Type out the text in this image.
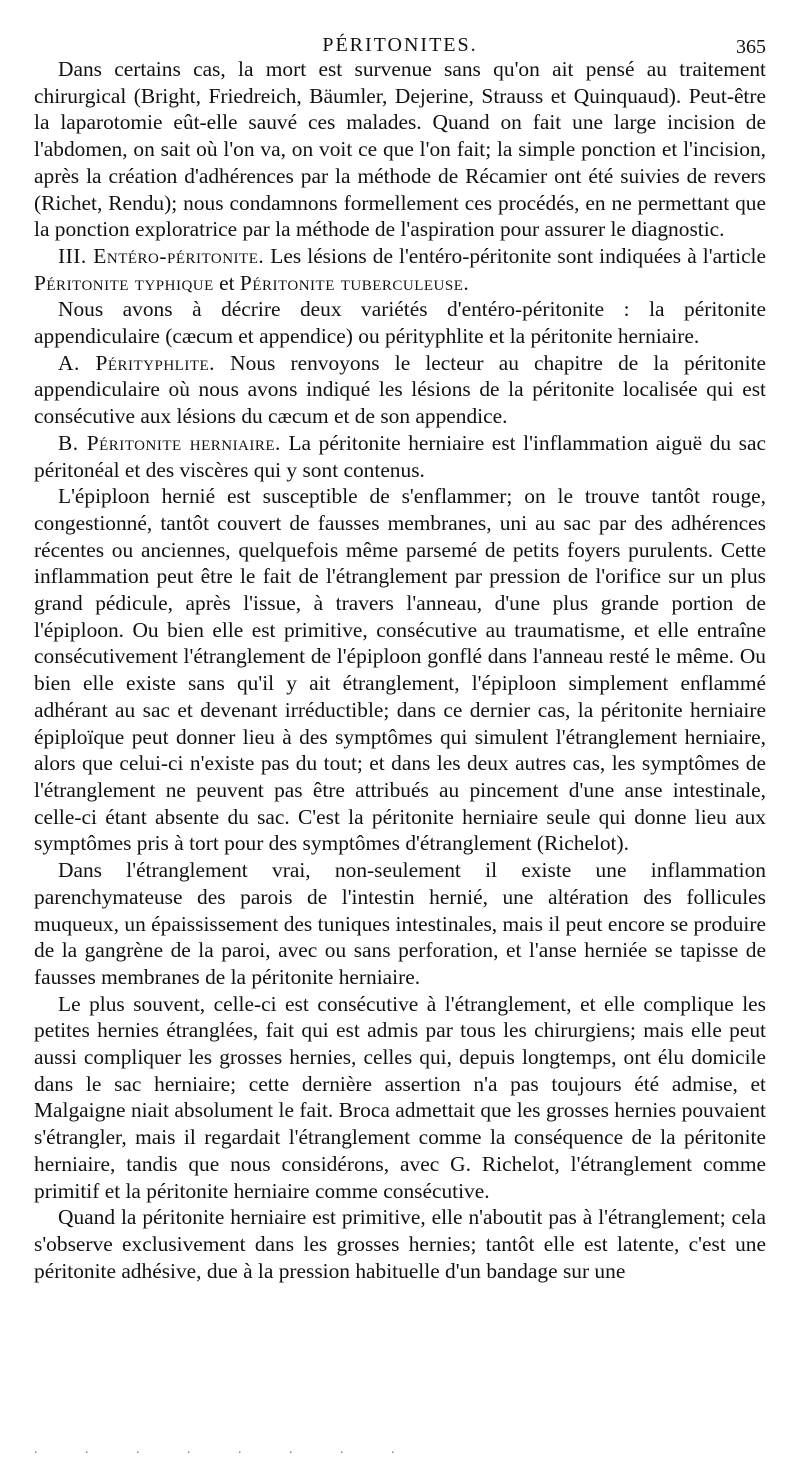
PÉRITONITES.	365

Dans certains cas, la mort est survenue sans qu'on ait pensé au traitement chirurgical (Bright, Friedreich, Bäumler, Dejerine, Strauss et Quinquaud). Peut-être la laparotomie eût-elle sauvé ces malades. Quand on fait une large incision de l'abdomen, on sait où l'on va, on voit ce que l'on fait; la simple ponction et l'incision, après la création d'adhérences par la méthode de Récamier ont été suivies de revers (Richet, Rendu); nous condamnons formellement ces procédés, en ne permettant que la ponction exploratrice par la méthode de l'aspiration pour assurer le diagnostic.

III. Entéro-péritonite. Les lésions de l'entéro-péritonite sont indiquées à l'article Péritonite typhique et Péritonite tuberculeuse.

Nous avons à décrire deux variétés d'entéro-péritonite : la péritonite appendiculaire (cæcum et appendice) ou pérityphlite et la péritonite herniaire.

A. Pérityphlite. Nous renvoyons le lecteur au chapitre de la péritonite appendiculaire où nous avons indiqué les lésions de la péritonite localisée qui est consécutive aux lésions du cæcum et de son appendice.

B. Péritonite herniaire. La péritonite herniaire est l'inflammation aiguë du sac péritonéal et des viscères qui y sont contenus.

L'épiploon hernié est susceptible de s'enflammer; on le trouve tantôt rouge, congestionné, tantôt couvert de fausses membranes, uni au sac par des adhérences récentes ou anciennes, quelquefois même parsemé de petits foyers purulents. Cette inflammation peut être le fait de l'étranglement par pression de l'orifice sur un plus grand pédicule, après l'issue, à travers l'anneau, d'une plus grande portion de l'épiploon. Ou bien elle est primitive, consécutive au traumatisme, et elle entraîne consécutivement l'étranglement de l'épiploon gonflé dans l'anneau resté le même. Ou bien elle existe sans qu'il y ait étranglement, l'épiploon simplement enflammé adhérant au sac et devenant irréductible; dans ce dernier cas, la péritonite herniaire épiploïque peut donner lieu à des symptômes qui simulent l'étranglement herniaire, alors que celui-ci n'existe pas du tout; et dans les deux autres cas, les symptômes de l'étranglement ne peuvent pas être attribués au pincement d'une anse intestinale, celle-ci étant absente du sac. C'est la péritonite herniaire seule qui donne lieu aux symptômes pris à tort pour des symptômes d'étranglement (Richelot).

Dans l'étranglement vrai, non-seulement il existe une inflammation parenchymateuse des parois de l'intestin hernié, une altération des follicules muqueux, un épaississement des tuniques intestinales, mais il peut encore se produire de la gangrène de la paroi, avec ou sans perforation, et l'anse herniée se tapisse de fausses membranes de la péritonite herniaire.

Le plus souvent, celle-ci est consécutive à l'étranglement, et elle complique les petites hernies étranglées, fait qui est admis par tous les chirurgiens; mais elle peut aussi compliquer les grosses hernies, celles qui, depuis longtemps, ont élu domicile dans le sac herniaire; cette dernière assertion n'a pas toujours été admise, et Malgaigne niait absolument le fait. Broca admettait que les grosses hernies pouvaient s'étrangler, mais il regardait l'étranglement comme la conséquence de la péritonite herniaire, tandis que nous considérons, avec G. Richelot, l'étranglement comme primitif et la péritonite herniaire comme consécutive.

Quand la péritonite herniaire est primitive, elle n'aboutit pas à l'étranglement; cela s'observe exclusivement dans les grosses hernies; tantôt elle est latente, c'est une péritonite adhésive, due à la pression habituelle d'un bandage sur une

. . . . . . . .
